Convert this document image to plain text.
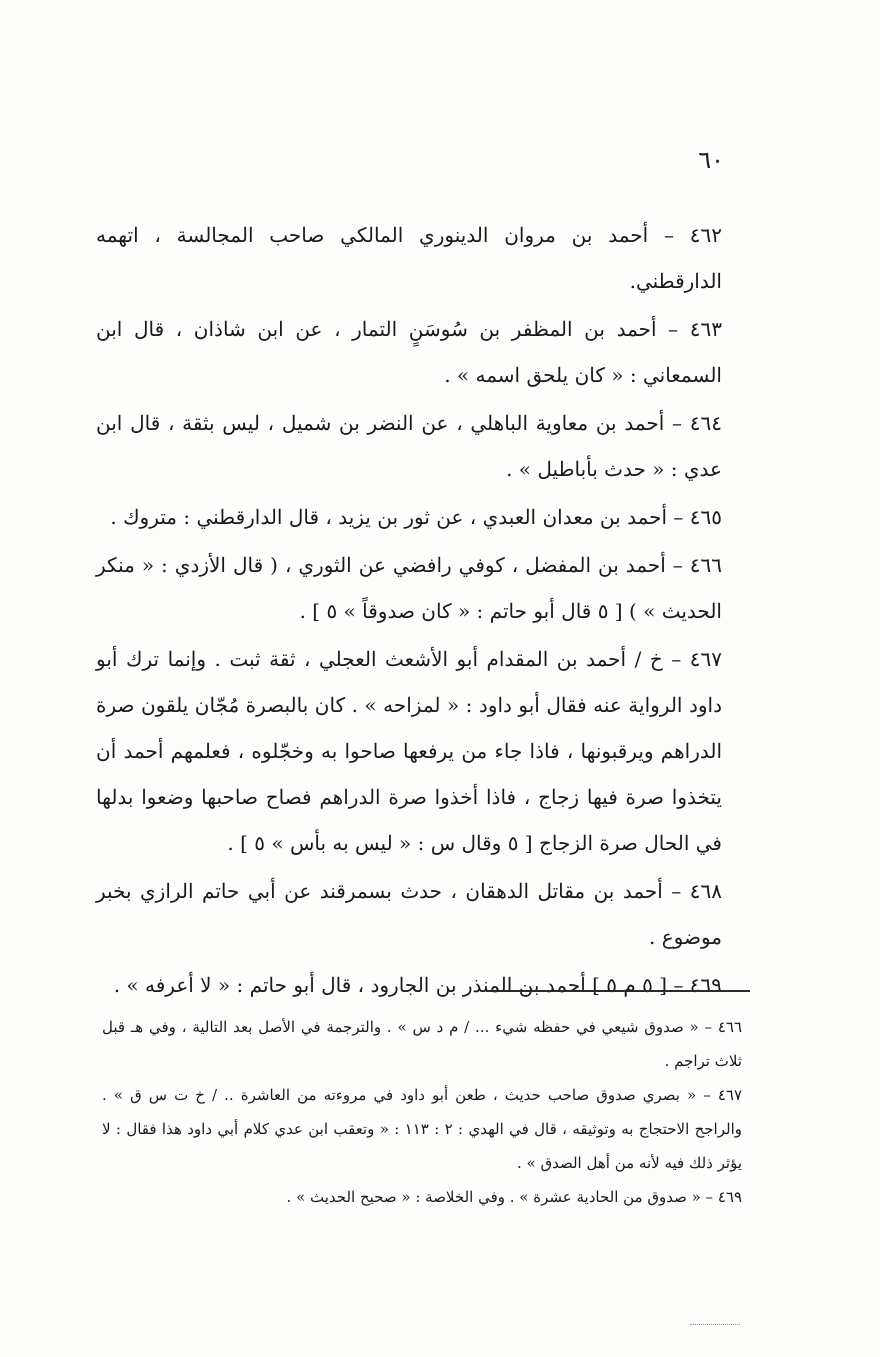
٦٠

٤٦٢ – أحمد بن مروان الدينوري المالكي صاحب المجالسة ، اتهمه الدارقطني.

٤٦٣ – أحمد بن المظفر بن سُوسَنٍ التمار ، عن ابن شاذان ، قال ابن السمعاني : « كان يلحق اسمه » .

٤٦٤ – أحمد بن معاوية الباهلي ، عن النضر بن شميل ، ليس بثقة ، قال ابن عدي : « حدث بأباطيل » .

٤٦٥ – أحمد بن معدان العبدي ، عن ثور بن يزيد ، قال الدارقطني : متروك .

٤٦٦ – أحمد بن المفضل ، كوفي رافضي عن الثوري ، ( قال الأزدي : « منكر الحديث » ) [ ٥ قال أبو حاتم : « كان صدوقاً » ٥ ] .

٤٦٧ – خ / أحمد بن المقدام أبو الأشعث العجلي ، ثقة ثبت . وإنما ترك أبو داود الرواية عنه فقال أبو داود : « لمزاحه » . كان بالبصرة مُجّان يلقون صرة الدراهم ويرقبونها ، فاذا جاء من يرفعها صاحوا به وخجّلوه ، فعلمهم أحمد أن يتخذوا صرة فيها زجاج ، فاذا أخذوا صرة الدراهم فصاح صاحبها وضعوا بدلها في الحال صرة الزجاج [ ٥ وقال س : « ليس به بأس » ٥ ] .

٤٦٨ – أحمد بن مقاتل الدهقان ، حدث بسمرقند عن أبي حاتم الرازي بخبر موضوع .

٤٦٩ – [ ٥ م ٥ ] أحمد بن المنذر بن الجارود ، قال أبو حاتم : « لا أعرفه » .

٤٦٦ – « صدوق شيعي في حفظه شيء ... / م د س » . والترجمة في الأصل بعد التالية ، وفي هـ قبل ثلاث تراجم .

٤٦٧ – « بصري صدوق صاحب حديث ، طعن أبو داود في مروءته من العاشرة .. / خ ت س ق » . والراجح الاحتجاج به وتوثيقه ، قال في الهدي : ٢ : ١١٣ : « وتعقب ابن عدي كلام أبي داود هذا فقال : لا يؤثر ذلك فيه لأنه من أهل الصدق » .

٤٦٩ – « صدوق من الحادية عشرة » . وفي الخلاصة : « صحيح الحديث » .
